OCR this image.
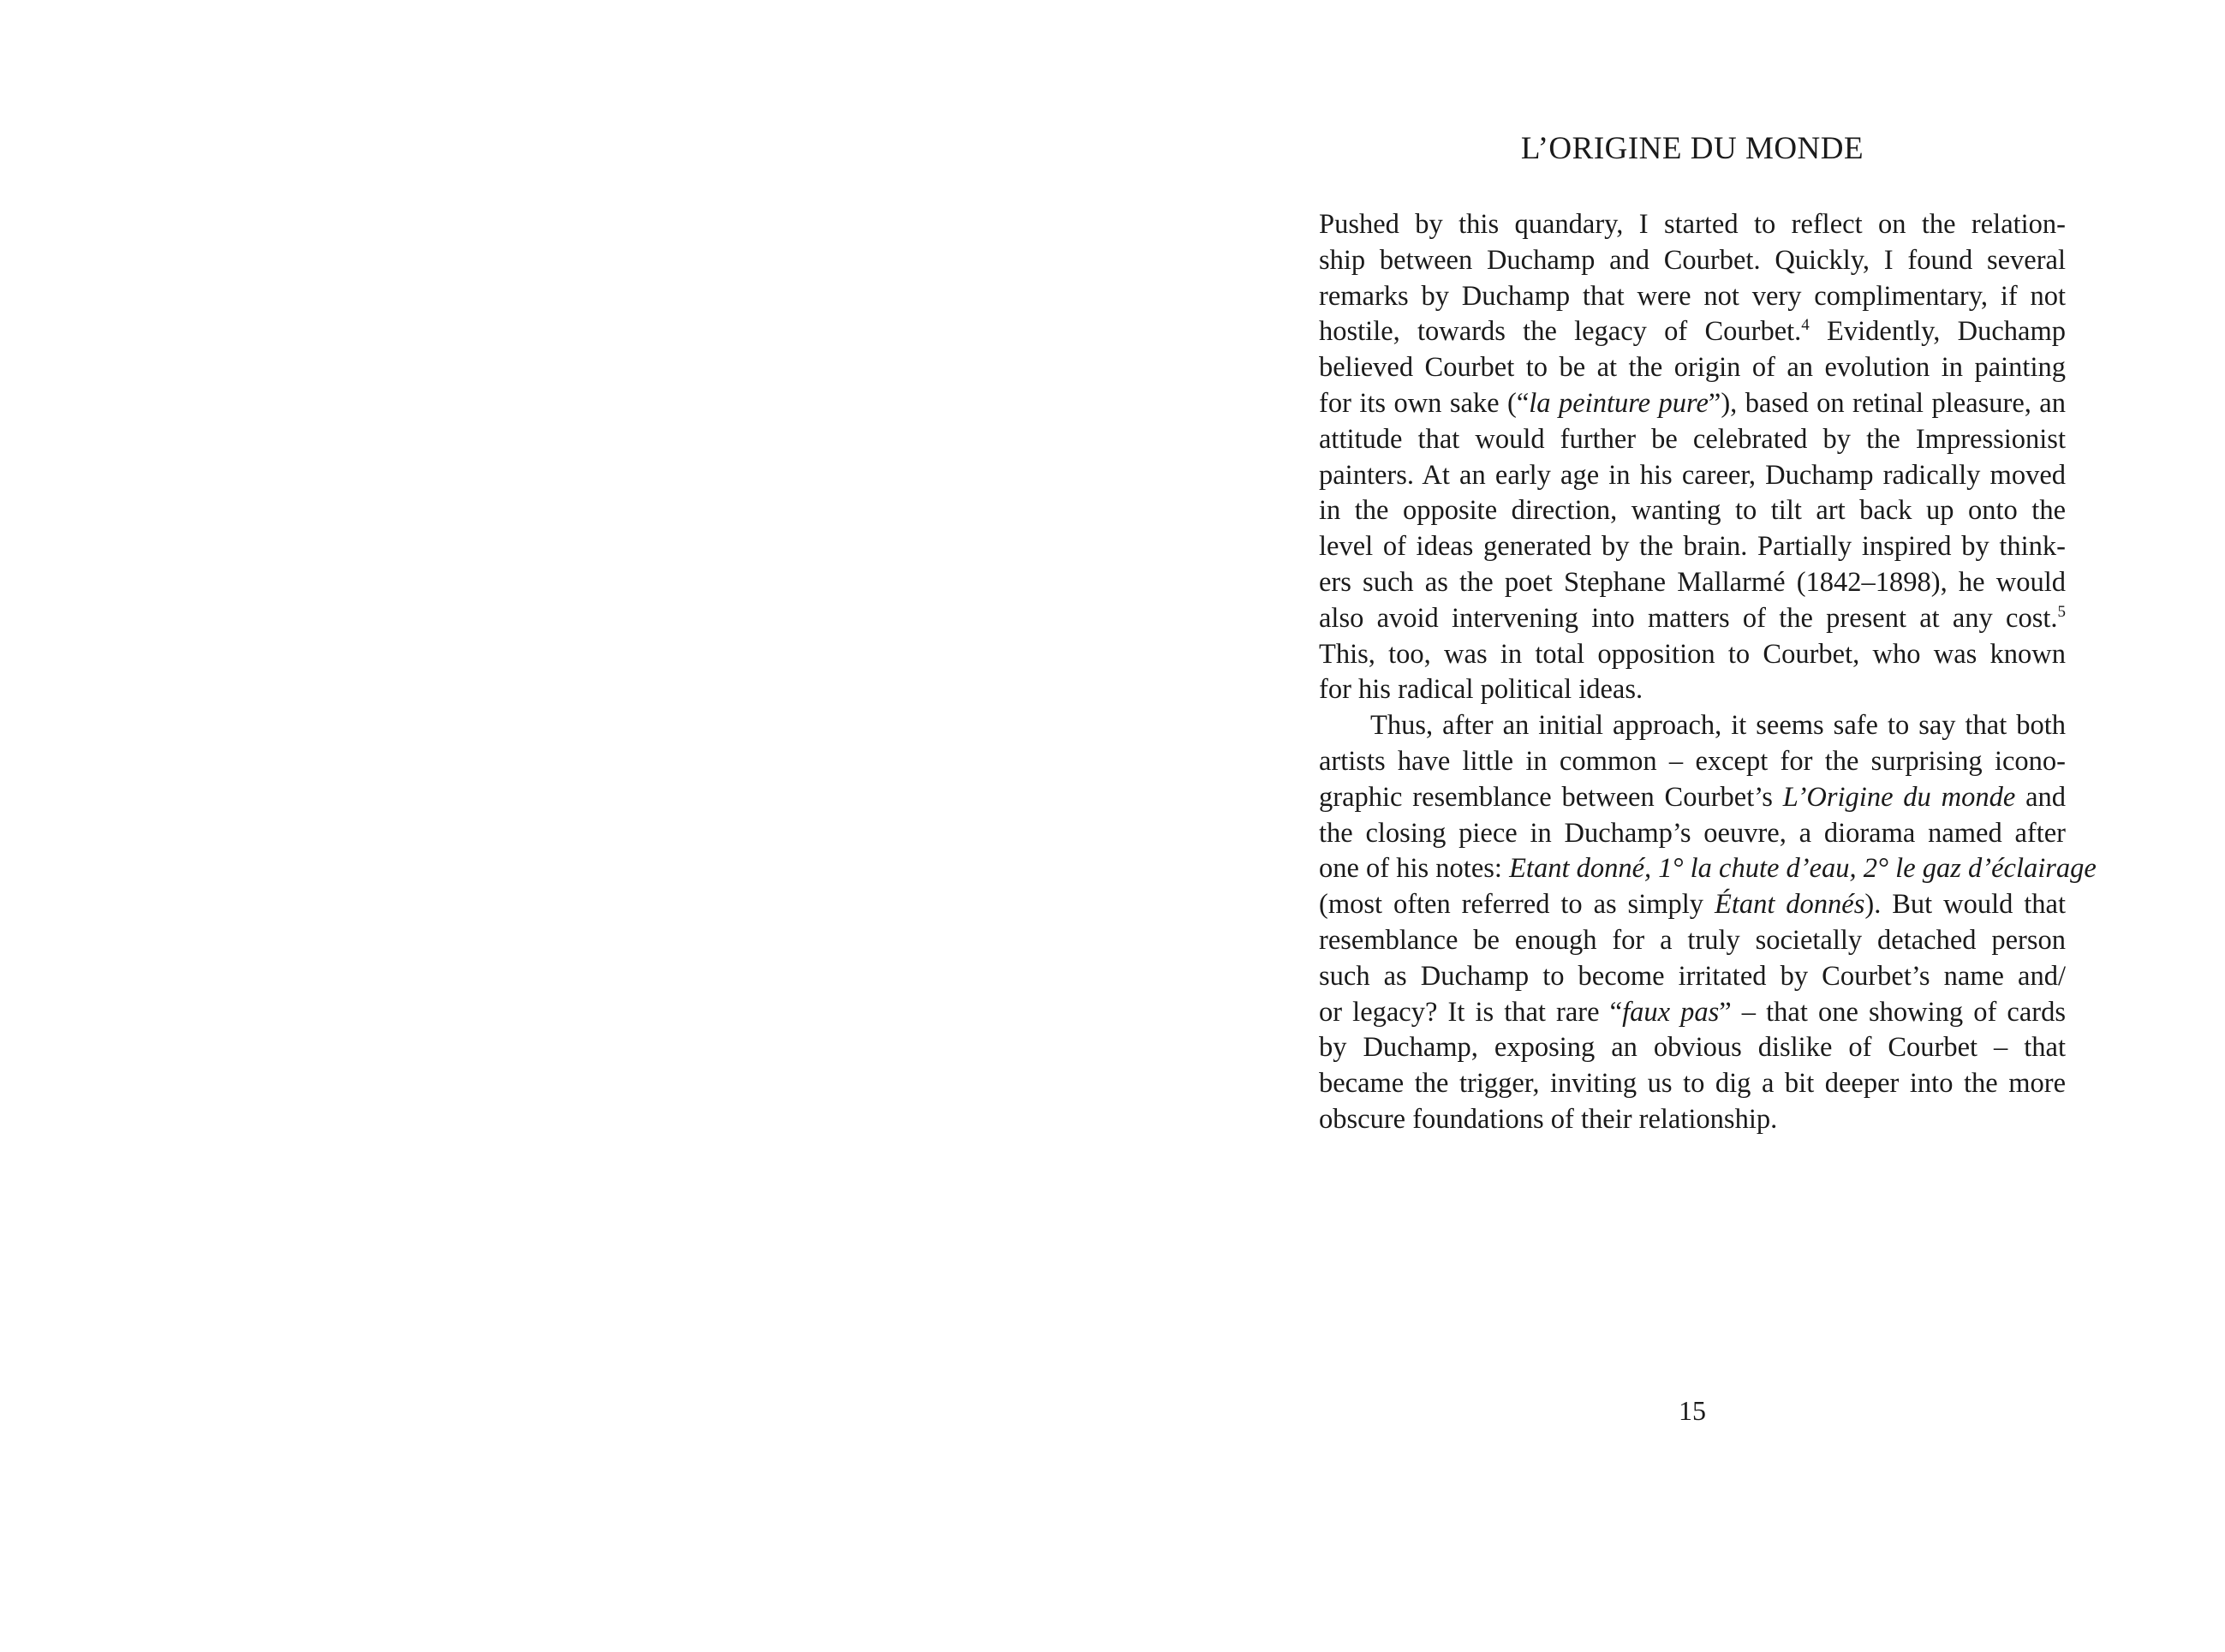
L’ORIGINE DU MONDE
Pushed by this quandary, I started to reflect on the relation-
ship between Duchamp and Courbet. Quickly, I found several
remarks by Duchamp that were not very complimentary, if not
hostile, towards the legacy of Courbet.$^4$ Evidently, Duchamp
believed Courbet to be at the origin of an evolution in painting
for its own sake (“la peinture pure”), based on retinal pleasure, an
attitude that would further be celebrated by the Impressionist
painters. At an early age in his career, Duchamp radically moved
in the opposite direction, wanting to tilt art back up onto the
level of ideas generated by the brain. Partially inspired by think-
ers such as the poet Stephane Mallarmé (1842–1898), he would
also avoid intervening into matters of the present at any cost.$^5$
This, too, was in total opposition to Courbet, who was known
for his radical political ideas.
Thus, after an initial approach, it seems safe to say that both
artists have little in common – except for the surprising icono-
graphic resemblance between Courbet’s L’Origine du monde and
the closing piece in Duchamp’s oeuvre, a diorama named after
one of his notes: Etant donné, 1° la chute d’eau, 2° le gaz d’éclairage
(most often referred to as simply Étant donnés). But would that
resemblance be enough for a truly societally detached person
such as Duchamp to become irritated by Courbet’s name and/
or legacy? It is that rare “faux pas” – that one showing of cards
by Duchamp, exposing an obvious dislike of Courbet – that
became the trigger, inviting us to dig a bit deeper into the more
obscure foundations of their relationship.
15
